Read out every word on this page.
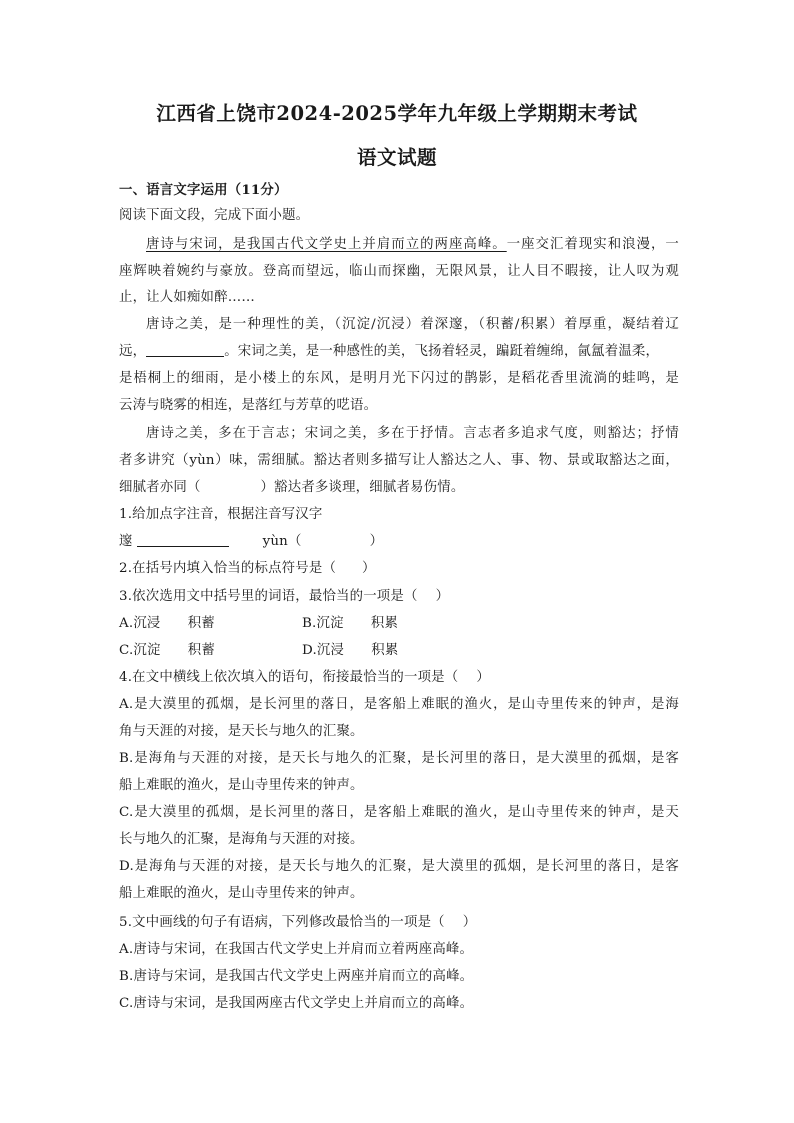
江西省上饶市2024-2025学年九年级上学期期末考试
语文试题
一、语言文字运用（11分）
阅读下面文段，完成下面小题。
唐诗与宋词，是我国古代文学史上并肩而立的两座高峰。一座交汇着现实和浪漫，一
座辉映着婉约与豪放。登高而望远，临山而探幽，无限风景，让人目不暇接，让人叹为观
止，让人如痴如醉……
唐诗之美，是一种理性的美，（沉淀/沉浸）着深邃，（积蓄/积累）着厚重，凝结着辽
远，	。宋词之美，是一种感性的美，飞扬着轻灵，蹁跹着缠绵，氤氲着温柔，
是梧桐上的细雨，是小楼上的东风，是明月光下闪过的鹊影，是稻花香里流淌的蛙鸣，是
云涛与晓雾的相连，是落红与芳草的呓语。
唐诗之美，多在于言志；宋词之美，多在于抒情。言志者多追求气度，则豁达；抒情
者多讲究（yùn）味，需细腻。豁达者则多描写让人豁达之人、事、物、景或取豁达之面，
细腻者亦同（	）豁达者多谈理，细腻者易伤情。
1.给加点字注音，根据注音写汉字
邃	yùn（	）
2.在括号内填入恰当的标点符号是（ ）
3.依次选用文中括号里的词语，最恰当的一项是（ ）
A.沉浸　　积蓄	B.沉淀　　积累
C.沉淀　　积蓄	D.沉浸　　积累
4.在文中横线上依次填入的语句，衔接最恰当的一项是（ ）
A.是大漠里的孤烟，是长河里的落日，是客船上难眠的渔火，是山寺里传来的钟声，是海
角与天涯的对接，是天长与地久的汇聚。
B.是海角与天涯的对接，是天长与地久的汇聚，是长河里的落日，是大漠里的孤烟，是客
船上难眠的渔火，是山寺里传来的钟声。
C.是大漠里的孤烟，是长河里的落日，是客船上难眠的渔火，是山寺里传来的钟声，是天
长与地久的汇聚，是海角与天涯的对接。
D.是海角与天涯的对接，是天长与地久的汇聚，是大漠里的孤烟，是长河里的落日，是客
船上难眠的渔火，是山寺里传来的钟声。
5.文中画线的句子有语病，下列修改最恰当的一项是（ ）
A.唐诗与宋词，在我国古代文学史上并肩而立着两座高峰。
B.唐诗与宋词，是我国古代文学史上两座并肩而立的高峰。
C.唐诗与宋词，是我国两座古代文学史上并肩而立的高峰。
